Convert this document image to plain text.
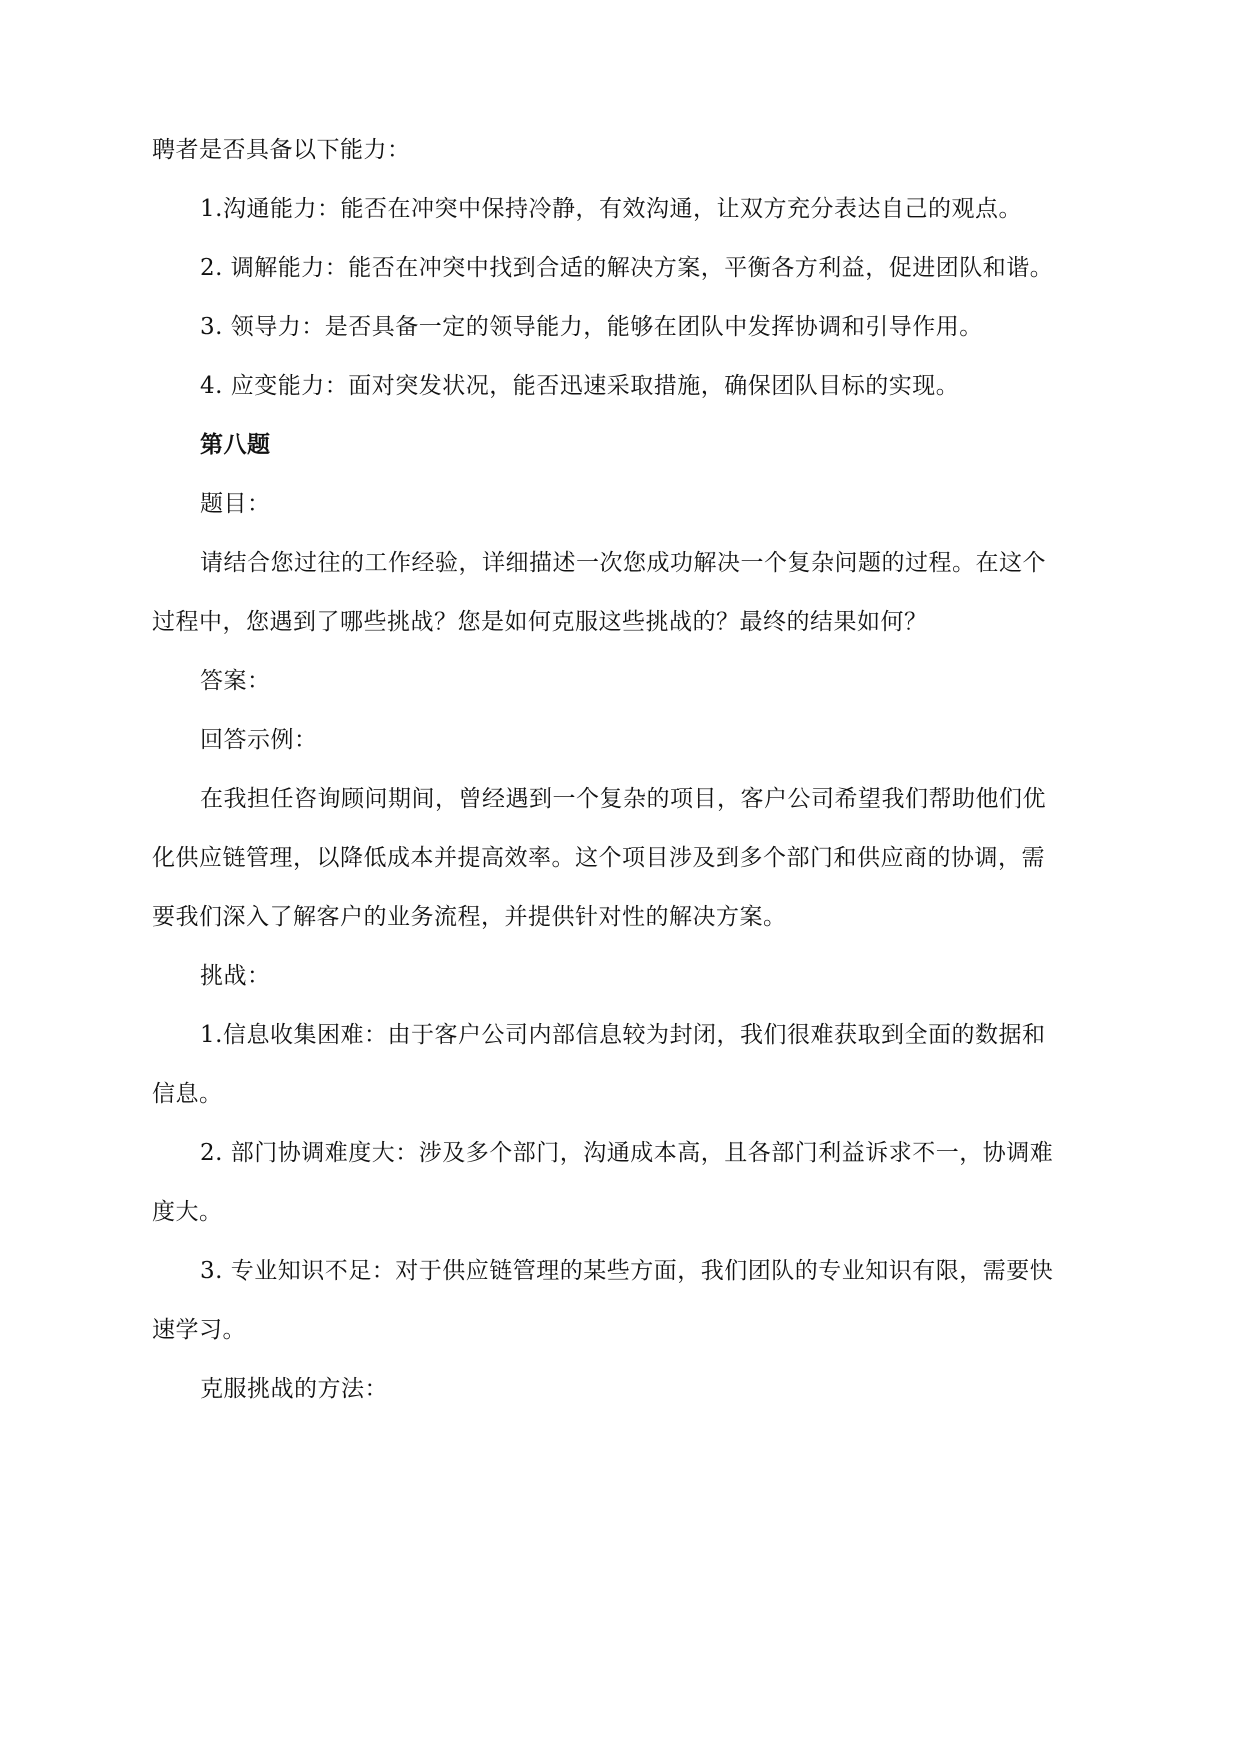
聘者是否具备以下能力：
1.沟通能力：能否在冲突中保持冷静，有效沟通，让双方充分表达自己的观点。
2. 调解能力：能否在冲突中找到合适的解决方案，平衡各方利益，促进团队和谐。
3. 领导力：是否具备一定的领导能力，能够在团队中发挥协调和引导作用。
4. 应变能力：面对突发状况，能否迅速采取措施，确保团队目标的实现。
第八题
题目：
请结合您过往的工作经验，详细描述一次您成功解决一个复杂问题的过程。在这个
过程中，您遇到了哪些挑战？您是如何克服这些挑战的？最终的结果如何？
答案：
回答示例：
在我担任咨询顾问期间，曾经遇到一个复杂的项目，客户公司希望我们帮助他们优
化供应链管理，以降低成本并提高效率。这个项目涉及到多个部门和供应商的协调，需
要我们深入了解客户的业务流程，并提供针对性的解决方案。
挑战：
1.信息收集困难：由于客户公司内部信息较为封闭，我们很难获取到全面的数据和
信息。
2. 部门协调难度大：涉及多个部门，沟通成本高，且各部门利益诉求不一，协调难
度大。
3. 专业知识不足：对于供应链管理的某些方面，我们团队的专业知识有限，需要快
速学习。
克服挑战的方法：
